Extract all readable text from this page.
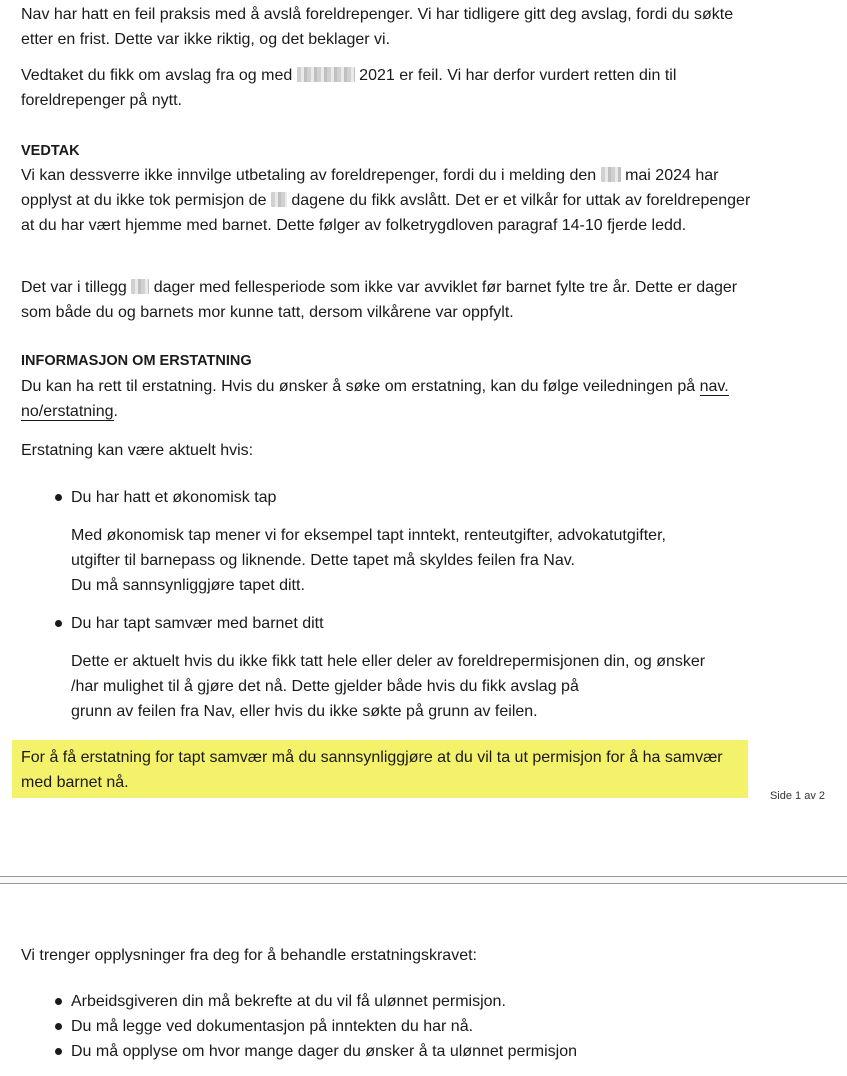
Nav har hatt en feil praksis med å avslå foreldrepenger. Vi har tidligere gitt deg avslag, fordi du søkte etter en frist. Dette var ikke riktig, og det beklager vi.

Vedtaket du fikk om avslag fra og med	2021 er feil. Vi har derfor vurdert retten din til foreldrepenger på nytt.

VEDTAK

Vi kan dessverre ikke innvilge utbetaling av foreldrepenger, fordi du i melding den mai 2024 har opplyst at du ikke tok permisjon de dagene du fikk avslått. Det er et vilkår for uttak av foreldrepenger at du har vært hjemme med barnet. Dette følger av folketrygdloven paragraf 14-10 fjerde ledd.

Det var i tillegg dager med fellesperiode som ikke var avviklet før barnet fylte tre år. Dette er dager som både du og barnets mor kunne tatt, dersom vilkårene var oppfylt.

INFORMASJON OM ERSTATNING

Du kan ha rett til erstatning. Hvis du ønsker å søke om erstatning, kan du følge veiledningen på nav.
no/erstatning.

Erstatning kan være aktuelt hvis:

Du har hatt et økonomisk tap

Med økonomisk tap mener vi for eksempel tapt inntekt, renteutgifter, advokatutgifter,
utgifter til barnepass og liknende. Dette tapet må skyldes feilen fra Nav.
Du må sannsynliggjøre tapet ditt.

Du har tapt samvær med barnet ditt

Dette er aktuelt hvis du ikke fikk tatt hele eller deler av foreldrepermisjonen din, og ønsker
/har mulighet til å gjøre det nå. Dette gjelder både hvis du fikk avslag på
grunn av feilen fra Nav, eller hvis du ikke søkte på grunn av feilen.

For å få erstatning for tapt samvær må du sannsynliggjøre at du vil ta ut permisjon for å ha samvær med barnet nå.

Side 1 av 2

Vi trenger opplysninger fra deg for å behandle erstatningskravet:

Arbeidsgiveren din må bekrefte at du vil få ulønnet permisjon.
Du må legge ved dokumentasjon på inntekten du har nå.
Du må opplyse om hvor mange dager du ønsker å ta ulønnet permisjon
